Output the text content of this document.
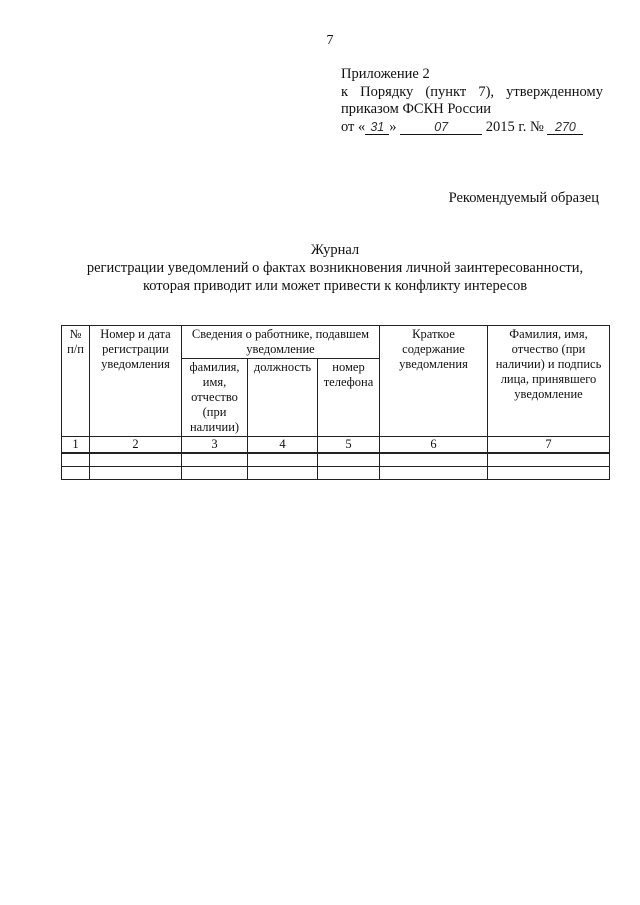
7
Приложение 2
к Порядку (пункт 7), утвержденному
приказом ФСКН России
от « 31 »	07	2015 г. № 270
Рекомендуемый образец
Журнал
регистрации уведомлений о фактах возникновения личной заинтересованности,
которая приводит или может привести к конфликту интересов
№ п/п	Номер и дата регистрации уведомления	Сведения о работнике, подавшем уведомление			Краткое содержание уведомления	Фамилия, имя, отчество (при наличии) и подпись лица, принявшего уведомление
		фамилия, имя, отчество (при наличии)	должность	номер телефона		
1	2	3	4	5	6	7
